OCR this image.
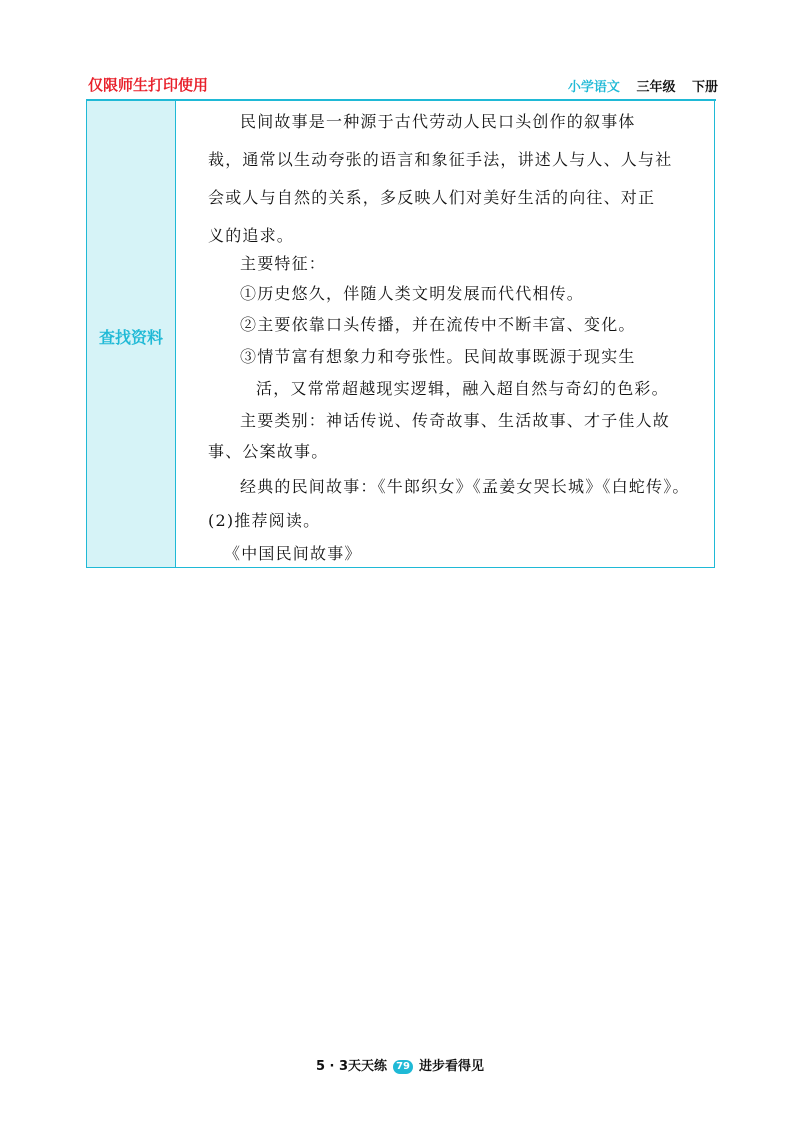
仅限师生打印使用	小学语文 三年级 下册
查找资料
民间故事是一种源于古代劳动人民口头创作的叙事体
裁，通常以生动夸张的语言和象征手法，讲述人与人、人与社
会或人与自然的关系，多反映人们对美好生活的向往、对正
义的追求。
主要特征：
①历史悠久，伴随人类文明发展而代代相传。
②主要依靠口头传播，并在流传中不断丰富、变化。
③情节富有想象力和夸张性。民间故事既源于现实生
活，又常常超越现实逻辑，融入超自然与奇幻的色彩。
主要类别：神话传说、传奇故事、生活故事、才子佳人故
事、公案故事。
经典的民间故事：《牛郎织女》《孟姜女哭长城》《白蛇传》。
(2)推荐阅读。
《中国民间故事》
5 · 3天天练 79 进步看得见
